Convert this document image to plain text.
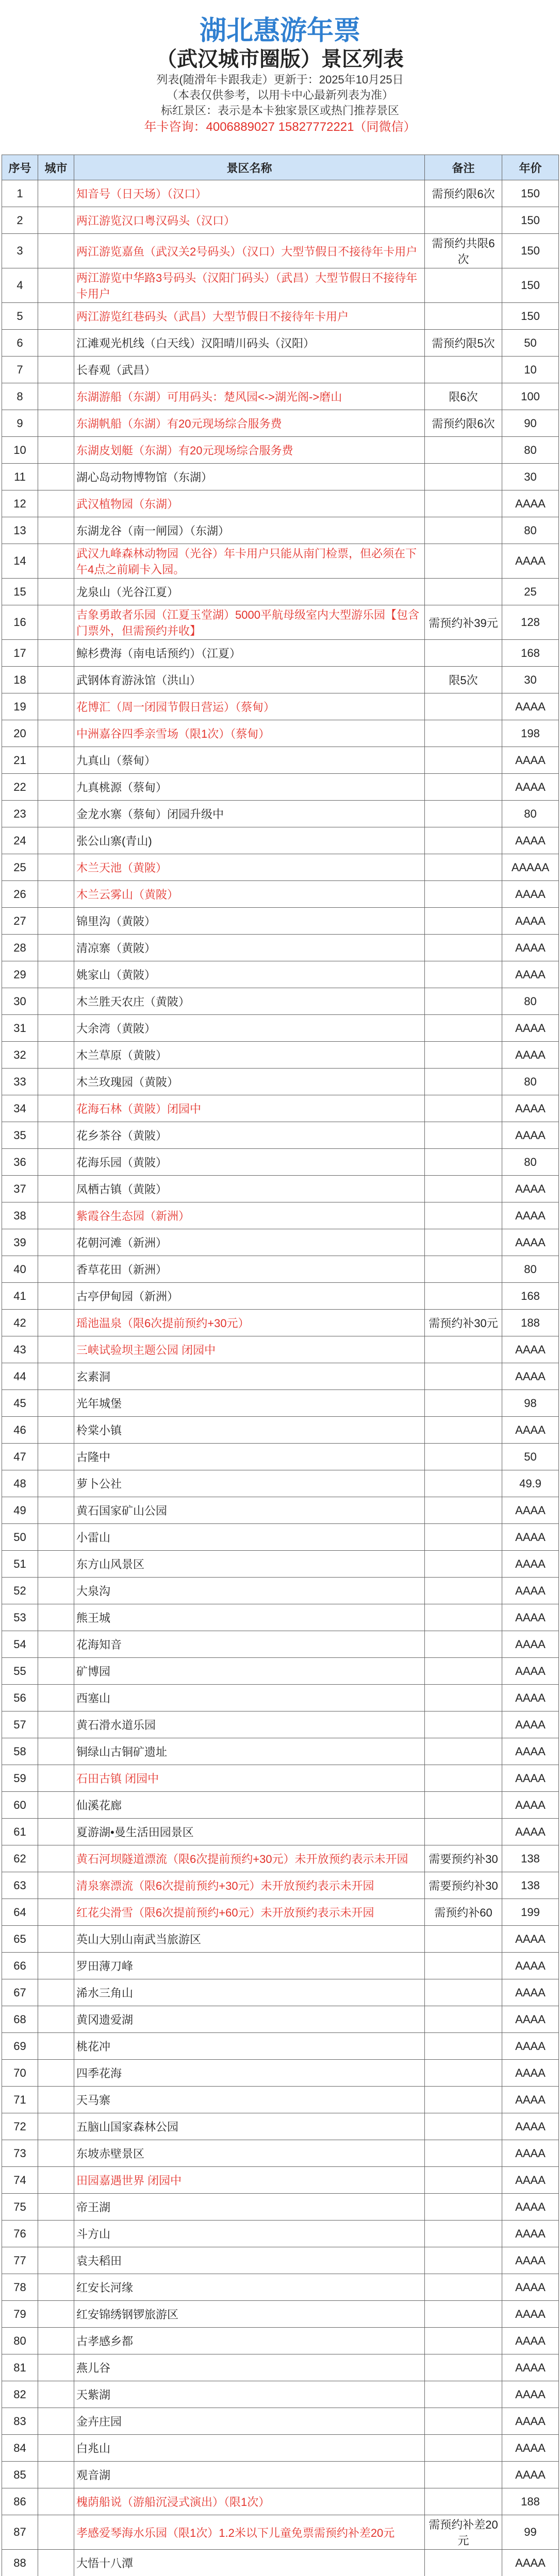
湖北惠游年票
（武汉城市圈版）景区列表
列表(随滑年卡跟我走）更新于：2025年10月25日
（本表仅供参考，以用卡中心最新列表为准）
标红景区：表示是本卡独家景区或热门推荐景区
年卡咨询：4006889027 15827772221（同微信）
序号	城市	景区名称	备注	年价
1		知音号（日天场）（汉口）	需预约限6次	150
2		两江游览汉口粤汉码头（汉口）		150
3		两江游览嘉鱼（武汉关2号码头）（汉口）大型节假日不接待年卡用户	需预约共限6次	150
4		两江游览中华路3号码头（汉阳门码头）（武昌）大型节假日不接待年卡用户		150
5		两江游览红巷码头（武昌）大型节假日不接待年卡用户		150
6		江滩观光机线（白天线）汉阳晴川码头（汉阳）	需预约限5次	50
7		长春观（武昌）		10
8		东湖游船（东湖）可用码头：楚风园<->湖光阁->磨山	限6次	100
9		东湖帆船（东湖）有20元现场综合服务费	需预约限6次	90
10		东湖皮划艇（东湖）有20元现场综合服务费		80
11		湖心岛动物博物馆（东湖）		30
12		武汉植物园（东湖）		AAAA
13		东湖龙谷（南一闸园）（东湖）		80
14		武汉九峰森林动物园（光谷）年卡用户只能从南门检票，但必须在下午4点之前刷卡入园。		AAAA
15		龙泉山（光谷江夏）		25
16		吉象勇敢者乐园（江夏玉堂湖）5000平航母级室内大型游乐园【包含门票外，但需预约并收】	需预约补39元	128
17		鲸杉费海（南电话预约）（江夏）		168
18		武钢体育游泳馆（洪山）	限5次	30
19		花博汇（周一闭园节假日营运）（蔡甸）		AAAA
20		中洲嘉谷四季亲雪场（限1次）（蔡甸）		198
21		九真山（蔡甸）		AAAA
22		九真桃源（蔡甸）		AAAA
23		金龙水寨（蔡甸）闭园升级中		80
24		张公山寨(青山)		AAAA
25		木兰天池（黄陂）		AAAAA
26		木兰云雾山（黄陂）		AAAA
27		锦里沟（黄陂）		AAAA
28		清凉寨（黄陂）		AAAA
29		姚家山（黄陂）		AAAA
30		木兰胜天农庄（黄陂）		80
31		大余湾（黄陂）		AAAA
32		木兰草原（黄陂）		AAAA
33		木兰玫瑰园（黄陂）		80
34		花海石林（黄陂）闭园中		AAAA
35		花乡茶谷（黄陂）		AAAA
36		花海乐园（黄陂）		80
37		凤栖古镇（黄陂）		AAAA
38		紫霞谷生态园（新洲）		AAAA
39		花朝河滩（新洲）		AAAA
40		香草花田（新洲）		80
41		古亭伊甸园（新洲）		168
42		瑶池温泉（限6次提前预约+30元）	需预约补30元	188
43		三峡试验坝主题公园 闭园中		AAAA
44		玄素洞		AAAA
45		光年城堡		98
46		柃棠小镇		AAAA
47		古隆中		50
48		萝卜公社		49.9
49		黄石国家矿山公园		AAAA
50		小雷山		AAAA
51		东方山风景区		AAAA
52		大泉沟		AAAA
53		熊王城		AAAA
54		花海知音		AAAA
55		矿博园		AAAA
56		西塞山		AAAA
57		黄石滑水道乐园		AAAA
58		铜绿山古铜矿遗址		AAAA
59		石田古镇 闭园中		AAAA
60		仙溪花廊		AAAA
61		夏游湖•曼生活田园景区		AAAA
62		黄石河坝隧道漂流（限6次提前预约+30元）未开放预约表示未开园	需要预约补30	138
63		清泉寨漂流（限6次提前预约+30元）未开放预约表示未开园	需要预约补30	138
64		红花尖滑雪（限6次提前预约+60元）未开放预约表示未开园	需预约补60	199
65		英山大别山南武当旅游区		AAAA
66		罗田薄刀峰		AAAA
67		浠水三角山		AAAA
68		黄冈遗爱湖		AAAA
69		桃花冲		AAAA
70		四季花海		AAAA
71		天马寨		AAAA
72		五脑山国家森林公园		AAAA
73		东坡赤壁景区		AAAA
74		田园嘉遇世界 闭园中		AAAA
75		帝王湖		AAAA
76		斗方山		AAAA
77		袁夫稻田		AAAA
78		红安长河缘		AAAA
79		红安锦绣钢锣旅游区		AAAA
80		古孝感乡都		AAAA
81		燕儿谷		AAAA
82		天紫湖		AAAA
83		金卉庄园		AAAA
84		白兆山		AAAA
85		观音湖		AAAA
86		槐荫船说（游船沉浸式演出）（限1次）		188
87		孝感爱琴海水乐园（限1次）1.2米以下儿童免票需预约补差20元	需预约补差20元	99
88		大悟十八潭		AAAA
